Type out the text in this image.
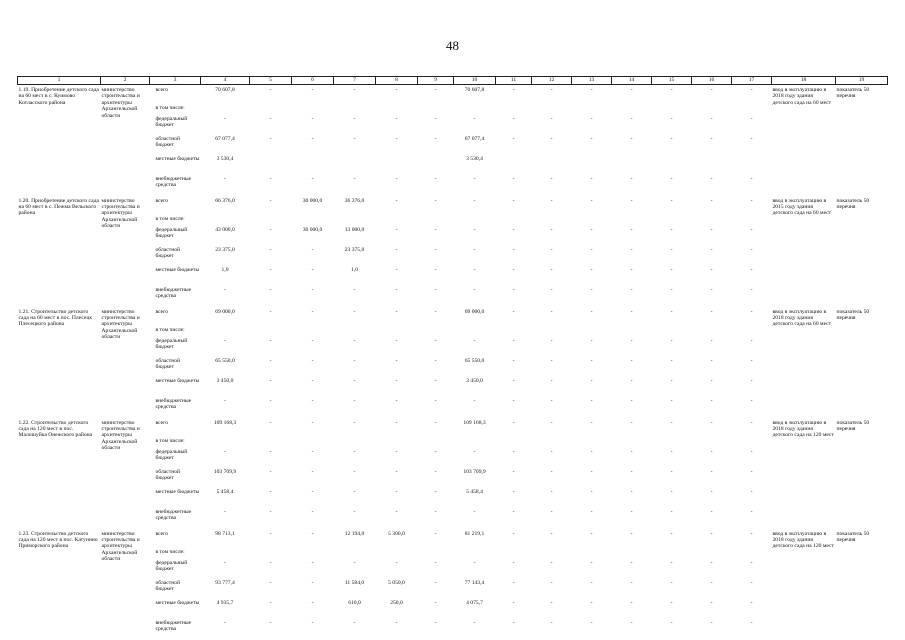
48
1	2	3	4	5	6	7	8	9	10	11	12	13	14	15	16	17	18	19
1.19. Приобретение детского сада на 60 мест в с. Куимово Котласского района	министерство строительства и архитектуры Архангельской области	всего	70 607,8	-	-	-	-	-	70 607,8	-	-	-	-	-	-	-	ввод в эксплуатацию в 2018 году здания детского сада на 60 мест	показатель 50 перечня
		в том числе:																
		федеральный бюджет	-	-	-	-	-	-	-	-	-	-	-	-	-	-		
		областной бюджет	67 077,4	-	-	-	-	-	67 077,4	-	-	-	-	-	-	-		
		местные бюджеты	3 530,4						3 530,4									
		внебюджетные средства	-	-	-	-	-	-	-	-	-	-	-	-	-	-		
1.20. Приобретение детского сада на 60 мест в с. Пежма Вельского района	министерство строительства и архитектуры Архангельской области	всего	66 376,0	-	30 000,0	36 376,0	-	-	-	-	-	-	-	-	-	-	ввод в эксплуатацию в 2015 году здания детского сада на 60 мест	показатель 50 перечня
		в том числе:																
		федеральный бюджет	43 000,0	-	30 000,0	13 000,0	-	-	-	-	-	-	-	-	-	-		
		областной бюджет	23 375,0	-	-	23 375,0	-	-	-	-	-	-	-	-	-	-		
		местные бюджеты	1,0	-	-	1,0	-	-	-	-	-	-	-	-	-	-		
		внебюджетные средства	-	-	-	-	-	-	-	-	-	-	-	-	-	-		
1.21. Строительство детского сада на 60 мест в пос. Плесецк Плесецкого района	министерство строительства и архитектуры Архангельской области	всего	69 000,0	-	-	-	-	-	69 000,0	-	-	-	-	-	-	-	ввод в эксплуатацию в 2018 году здания детского сада на 60 мест	показатель 50 перечня
		в том числе:																
		федеральный бюджет	-	-	-	-	-	-	-	-	-	-	-	-	-	-		
		областной бюджет	65 550,0	-	-	-	-	-	65 550,0	-	-	-	-	-	-	-		
		местные бюджеты	3 450,0	-	-	-	-	-	3 450,0	-	-	-	-	-	-	-		
		внебюджетные средства	-	-	-	-	-	-	-	-	-	-	-	-	-	-		
1.22. Строительство детского сада на 120 мест в пос. Малошуйка Онежского района	министерство строительства и архитектуры Архангельской области	всего	109 168,3	-	-	-	-	-	109 168,3	-	-	-	-	-	-	-	ввод в эксплуатацию в 2018 году здания детского сада на 120 мест	показатель 50 перечня
		в том числе:																
		федеральный бюджет	-	-	-	-	-	-	-	-	-	-	-	-	-	-		
		областной бюджет	103 709,9	-	-	-	-	-	103 709,9	-	-	-	-	-	-	-		
		местные бюджеты	5 458,4	-	-	-	-	-	5 458,4	-	-	-	-	-	-	-		
		внебюджетные средства	-	-	-	-	-	-	-	-	-	-	-	-	-	-		
1.23. Строительство детского сада на 120 мест в пос. Катунино Приморского района	министерство строительства и архитектуры Архангельской области	всего	98 713,1	-	-	12 194,0	5 300,0	-	81 219,1	-	-	-	-	-	-	-	ввод в эксплуатацию в 2018 году здания детского сада на 120 мест	показатель 50 перечня
		в том числе:																
		федеральный бюджет	-	-	-	-	-	-	-	-	-	-	-	-	-	-		
		областной бюджет	93 777,4	-	-	11 584,0	5 050,0	-	77 143,4	-	-	-	-	-	-	-		
		местные бюджеты	4 935,7	-	-	610,0	250,0	-	4 075,7	-	-	-	-	-	-	-		
		внебюджетные средства	-	-	-	-	-	-	-	-	-	-	-	-	-	-		
